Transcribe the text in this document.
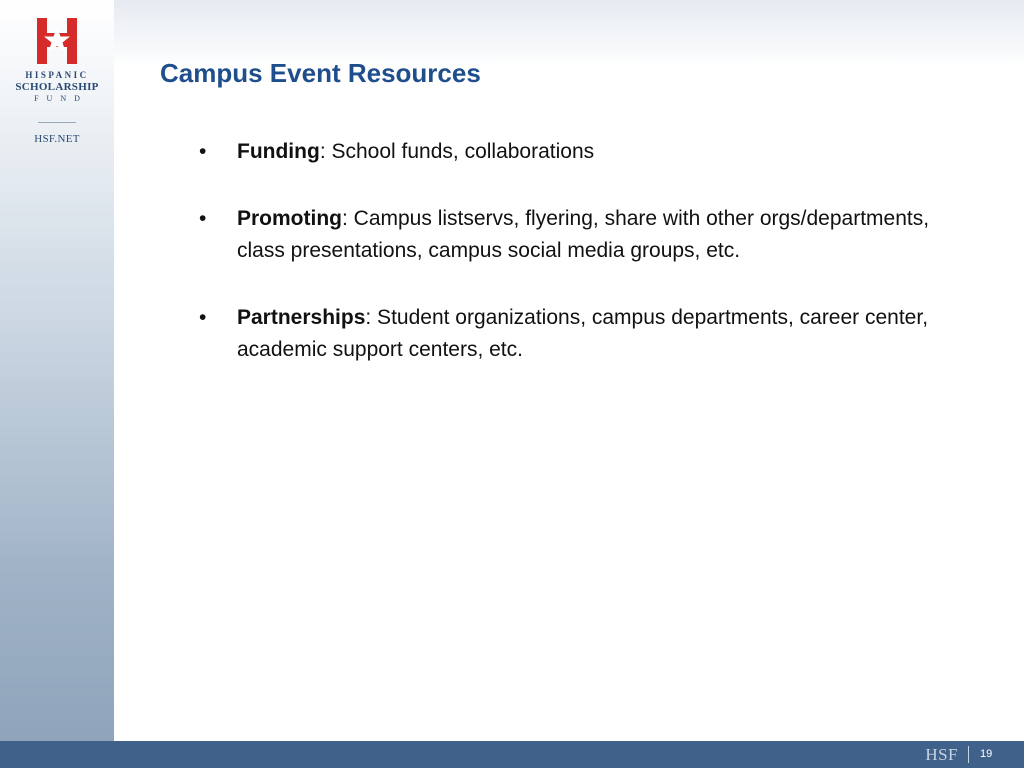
HISPANIC
SCHOLARSHIP
FUND
HSF.NET
Campus Event Resources
• Funding: School funds, collaborations
• Promoting: Campus listservs, flyering, share with other orgs/departments, class presentations, campus social media groups, etc.
• Partnerships: Student organizations, campus departments, career center, academic support centers, etc.
HSF 19
